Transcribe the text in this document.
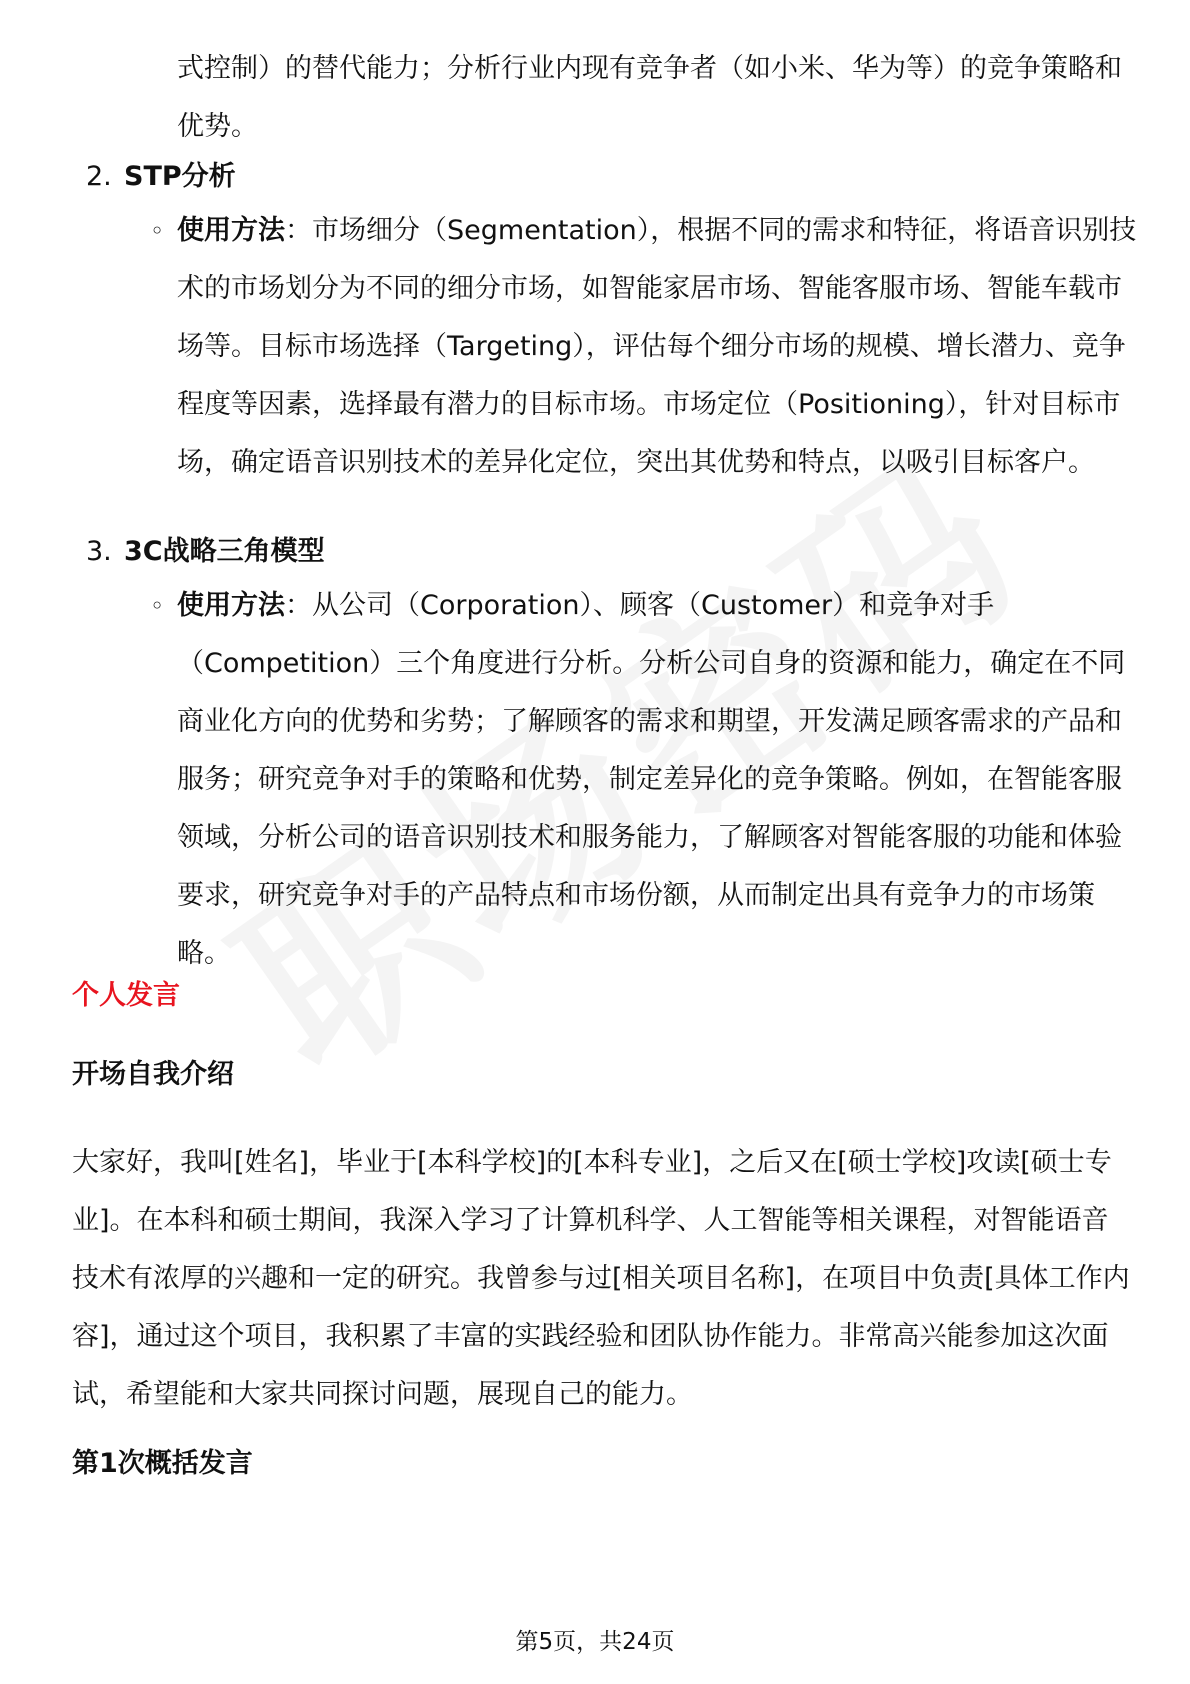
式控制）的替代能力；分析行业内现有竞争者（如小米、华为等）的竞争策略和优势。

2. STP分析
◦ 使用方法：市场细分（Segmentation），根据不同的需求和特征，将语音识别技术的市场划分为不同的细分市场，如智能家居市场、智能客服市场、智能车载市场等。目标市场选择（Targeting），评估每个细分市场的规模、增长潜力、竞争程度等因素，选择最有潜力的目标市场。市场定位（Positioning），针对目标市场，确定语音识别技术的差异化定位，突出其优势和特点，以吸引目标客户。

3. 3C战略三角模型
◦ 使用方法：从公司（Corporation）、顾客（Customer）和竞争对手（Competition）三个角度进行分析。分析公司自身的资源和能力，确定在不同商业化方向的优势和劣势；了解顾客的需求和期望，开发满足顾客需求的产品和服务；研究竞争对手的策略和优势，制定差异化的竞争策略。例如，在智能客服领域，分析公司的语音识别技术和服务能力，了解顾客对智能客服的功能和体验要求，研究竞争对手的产品特点和市场份额，从而制定出具有竞争力的市场策略。

个人发言
开场自我介绍

大家好，我叫[姓名]，毕业于[本科学校]的[本科专业]，之后又在[硕士学校]攻读[硕士专业]。在本科和硕士期间，我深入学习了计算机科学、人工智能等相关课程，对智能语音技术有浓厚的兴趣和一定的研究。我曾参与过[相关项目名称]，在项目中负责[具体工作内容]，通过这个项目，我积累了丰富的实践经验和团队协作能力。非常高兴能参加这次面试，希望能和大家共同探讨问题，展现自己的能力。

第1次概括发言
第5页，共24页
